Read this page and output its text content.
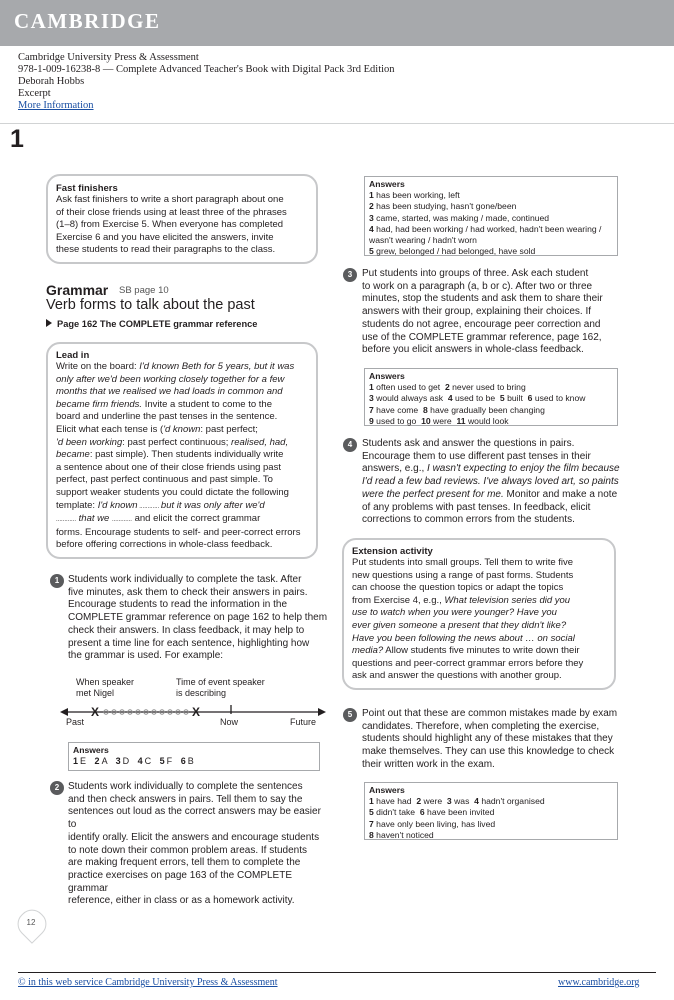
CAMBRIDGE
Cambridge University Press & Assessment
978-1-009-16238-8 — Complete Advanced Teacher's Book with Digital Pack 3rd Edition
Deborah Hobbs
Excerpt
More Information
1
Fast finishers
Ask fast finishers to write a short paragraph about one
of their close friends using at least three of the phrases
(1–8) from Exercise 5. When everyone has completed
Exercise 6 and you have elicited the answers, invite
these students to read their paragraphs to the class.
Grammar SB page 10
Verb forms to talk about the past
Page 162 The COMPLETE grammar reference
Lead in
Write on the board: I'd known Beth for 5 years, but it was
only after we'd been working closely together for a few
months that we realised we had loads in common and
became firm friends. Invite a student to come to the
board and underline the past tenses in the sentence.
Elicit what each tense is ('d known: past perfect;
'd been working: past perfect continuous; realised, had,
became: past simple). Then students individually write
a sentence about one of their close friends using past
perfect, past perfect continuous and past simple. To
support weaker students you could dictate the following
template: I'd known ............ but it was only after we'd
............ that we ............ and elicit the correct grammar
forms. Encourage students to self- and peer-correct errors
before offering corrections in whole-class feedback.
1 Students work individually to complete the task. After
five minutes, ask them to check their answers in pairs.
Encourage students to read the information in the
COMPLETE grammar reference on page 162 to help them
check their answers. In class feedback, it may help to
present a time line for each sentence, highlighting how
the grammar is used. For example:
When speaker
met Nigel
Time of event speaker
is describing
X	X
Past	Now	Future
Answers
1 E 2 A 3 D 4 C 5 F 6 B
2 Students work individually to complete the sentences
and then check answers in pairs. Tell them to say the
sentences out loud as the correct answers may be easier to
identify orally. Elicit the answers and encourage students
to note down their common problem areas. If students
are making frequent errors, tell them to complete the
practice exercises on page 163 of the COMPLETE grammar
reference, either in class or as a homework activity.
Answers
1 has been working, left
2 has been studying, hasn't gone/been
3 came, started, was making / made, continued
4 had, had been working / had worked, hadn't been wearing /
wasn't wearing / hadn't worn
5 grew, belonged / had belonged, have sold
3 Put students into groups of three. Ask each student
to work on a paragraph (a, b or c). After two or three
minutes, stop the students and ask them to share their
answers with their group, explaining their choices. If
students do not agree, encourage peer correction and
use of the COMPLETE grammar reference, page 162,
before you elicit answers in whole-class feedback.
Answers
1 often used to get 2 never used to bring
3 would always ask 4 used to be 5 built 6 used to know
7 have come 8 have gradually been changing
9 used to go 10 were 11 would look
4 Students ask and answer the questions in pairs.
Encourage them to use different past tenses in their
answers, e.g., I wasn't expecting to enjoy the film because
I'd read a few bad reviews. I've always loved art, so paints
were the perfect present for me. Monitor and make a note
of any problems with past tenses. In feedback, elicit
corrections to common errors from the students.
Extension activity
Put students into small groups. Tell them to write five
new questions using a range of past forms. Students
can choose the question topics or adapt the topics
from Exercise 4, e.g., What television series did you
use to watch when you were younger? Have you
ever given someone a present that they didn't like?
Have you been following the news about … on social
media? Allow students five minutes to write down their
questions and peer-correct grammar errors before they
ask and answer the questions with another group.
5 Point out that these are common mistakes made by exam
candidates. Therefore, when completing the exercise,
students should highlight any of these mistakes that they
make themselves. They can use this knowledge to check
their written work in the exam.
Answers
1 have had 2 were 3 was 4 hadn't organised
5 didn't take 6 have been invited
7 have only been living, has lived
8 haven't noticed
12
© in this web service Cambridge University Press & Assessment	www.cambridge.org
